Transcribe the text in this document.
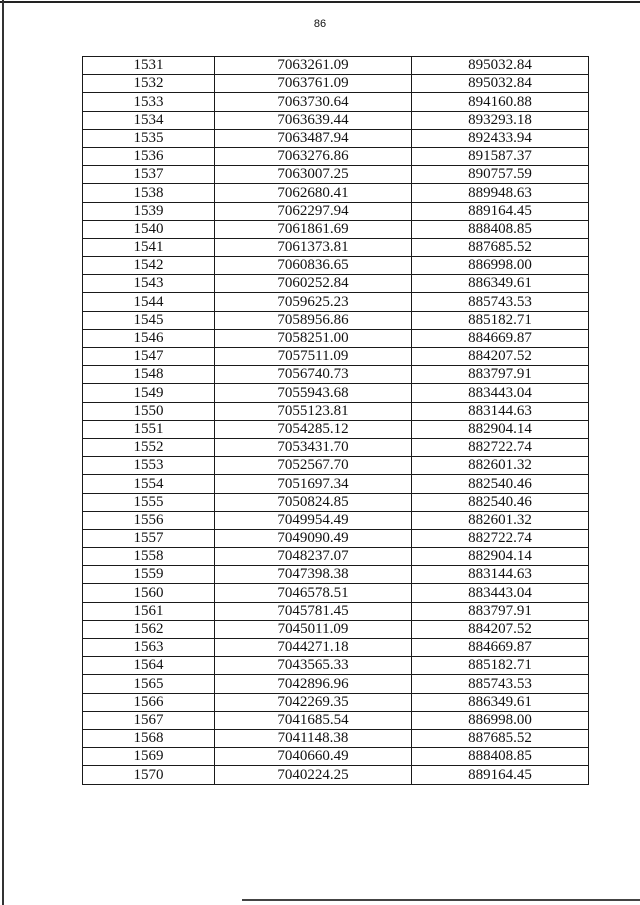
86
1531	7063261.09	895032.84
1532	7063761.09	895032.84
1533	7063730.64	894160.88
1534	7063639.44	893293.18
1535	7063487.94	892433.94
1536	7063276.86	891587.37
1537	7063007.25	890757.59
1538	7062680.41	889948.63
1539	7062297.94	889164.45
1540	7061861.69	888408.85
1541	7061373.81	887685.52
1542	7060836.65	886998.00
1543	7060252.84	886349.61
1544	7059625.23	885743.53
1545	7058956.86	885182.71
1546	7058251.00	884669.87
1547	7057511.09	884207.52
1548	7056740.73	883797.91
1549	7055943.68	883443.04
1550	7055123.81	883144.63
1551	7054285.12	882904.14
1552	7053431.70	882722.74
1553	7052567.70	882601.32
1554	7051697.34	882540.46
1555	7050824.85	882540.46
1556	7049954.49	882601.32
1557	7049090.49	882722.74
1558	7048237.07	882904.14
1559	7047398.38	883144.63
1560	7046578.51	883443.04
1561	7045781.45	883797.91
1562	7045011.09	884207.52
1563	7044271.18	884669.87
1564	7043565.33	885182.71
1565	7042896.96	885743.53
1566	7042269.35	886349.61
1567	7041685.54	886998.00
1568	7041148.38	887685.52
1569	7040660.49	888408.85
1570	7040224.25	889164.45
